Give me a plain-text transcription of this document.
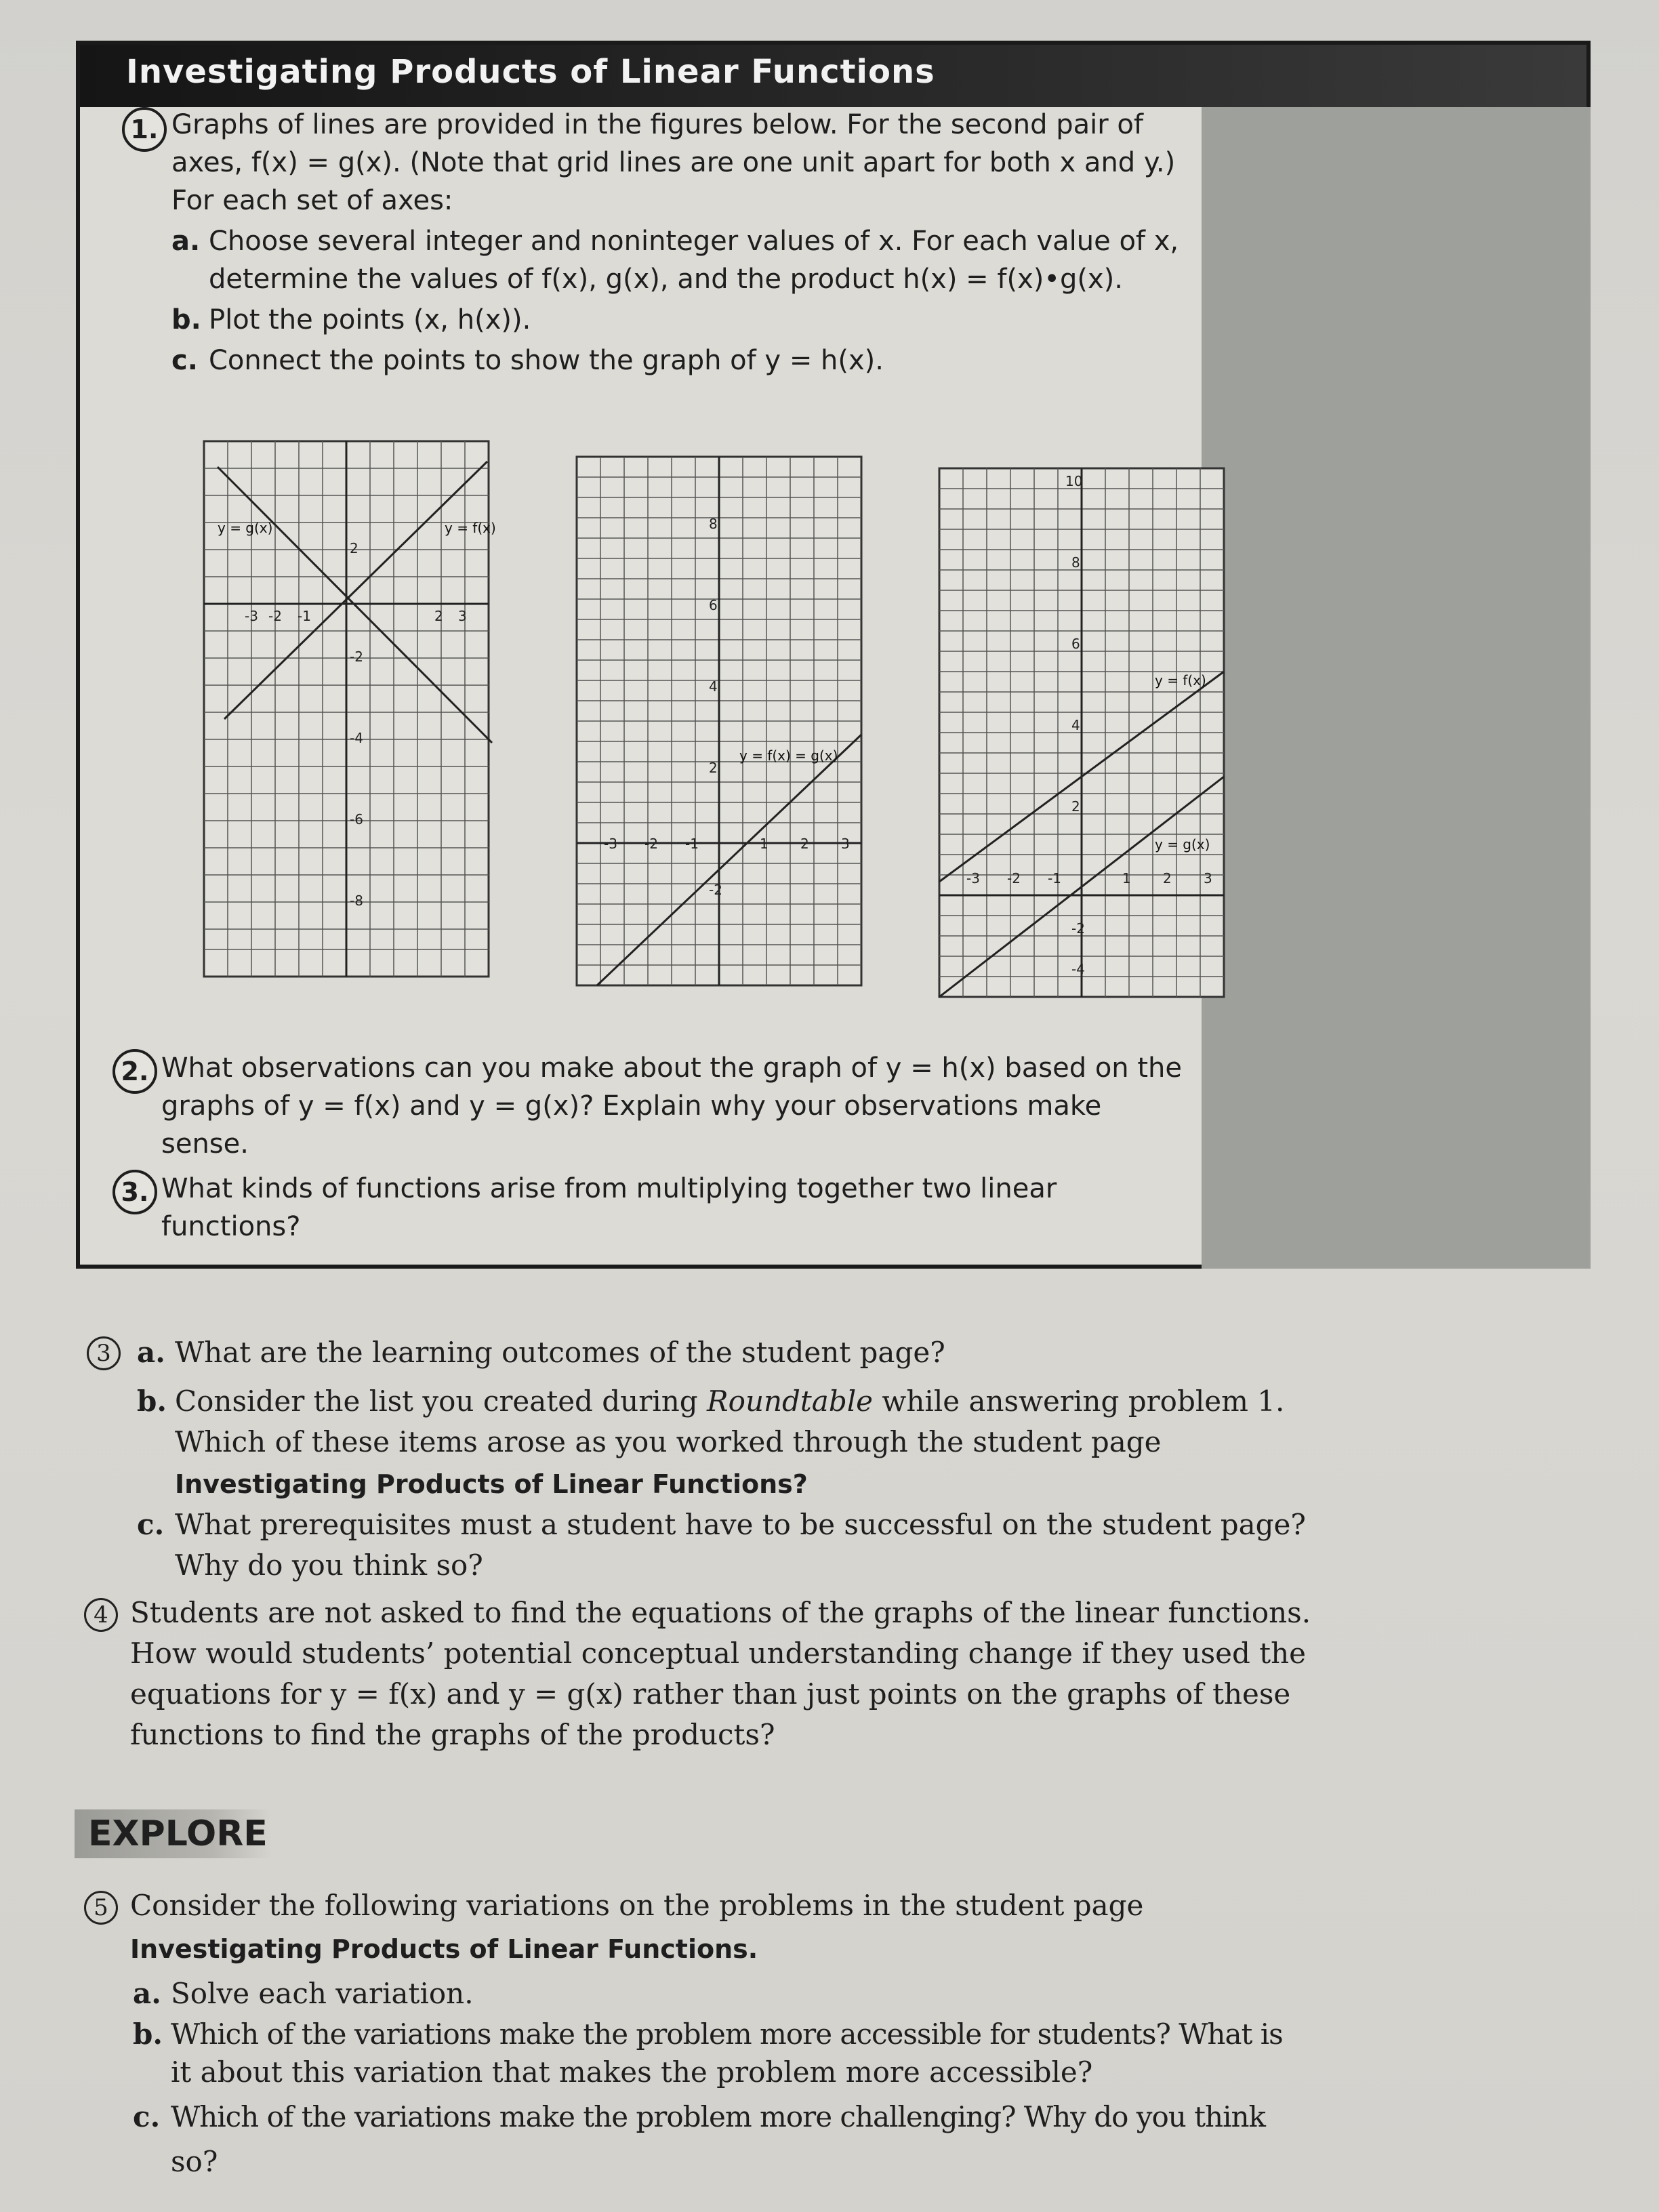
Investigating Products of Linear Functions
1. Graphs of lines are provided in the figures below. For the second pair of
axes, f(x) = g(x). (Note that grid lines are one unit apart for both x and y.)
For each set of axes:
a. Choose several integer and noninteger values of x. For each value of x,
determine the values of f(x), g(x), and the product h(x) = f(x)•g(x).
b. Plot the points (x, h(x)).
c. Connect the points to show the graph of y = h(x).
y = g(x)	y = f(x)
-3 -2 -1	2 3
2
-2
-4
-6
-8
y = f(x) = g(x)
-3 -2 -1	1 2 3
8
6
4
2
-2
y = f(x)
y = g(x)
-3 -2 -1	1 2 3
10
8
6
4
2
-2
-4
2. What observations can you make about the graph of y = h(x) based on the
graphs of y = f(x) and y = g(x)? Explain why your observations make
sense.
3. What kinds of functions arise from multiplying together two linear
functions?
3 a. What are the learning outcomes of the student page?
b. Consider the list you created during Roundtable while answering problem 1.
Which of these items arose as you worked through the student page
Investigating Products of Linear Functions?
c. What prerequisites must a student have to be successful on the student page?
Why do you think so?
4 Students are not asked to find the equations of the graphs of the linear functions.
How would students’ potential conceptual understanding change if they used the
equations for y = f(x) and y = g(x) rather than just points on the graphs of these
functions to find the graphs of the products?
EXPLORE
5 Consider the following variations on the problems in the student page
Investigating Products of Linear Functions.
a. Solve each variation.
b. Which of the variations make the problem more accessible for students? What is
it about this variation that makes the problem more accessible?
c. Which of the variations make the problem more challenging? Why do you think
so?
